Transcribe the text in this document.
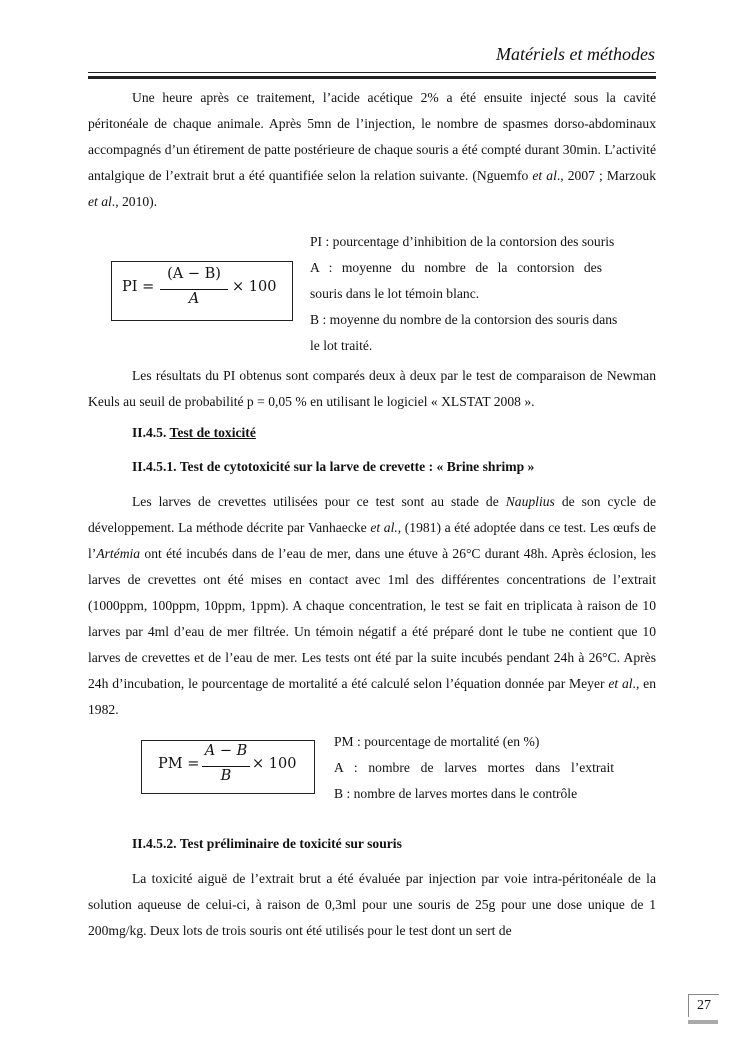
Matériels et méthodes

Une heure après ce traitement, l’acide acétique 2% a été ensuite injecté sous la cavité péritonéale de chaque animale. Après 5mn de l’injection, le nombre de spasmes dorso-abdominaux accompagnés d’un étirement de patte postérieure de chaque souris a été compté durant 30min. L’activité antalgique de l’extrait brut a été quantifiée selon la relation suivante. (Nguemfo et al., 2007 ; Marzouk et al., 2010).

PI =
(A − B)
A
× 100
PI : pourcentage d’inhibition de la contorsion des souris
A : moyenne du nombre de la contorsion des
souris dans le lot témoin blanc.
B : moyenne du nombre de la contorsion des souris dans
le lot traité.

Les résultats du PI obtenus sont comparés deux à deux par le test de comparaison de Newman Keuls au seuil de probabilité p = 0,05 % en utilisant le logiciel « XLSTAT 2008 ».

II.4.5. Test de toxicité
II.4.5.1. Test de cytotoxicité sur la larve de crevette : « Brine shrimp »

Les larves de crevettes utilisées pour ce test sont au stade de Nauplius de son cycle de développement. La méthode décrite par Vanhaecke et al., (1981) a été adoptée dans ce test. Les œufs de l’Artémia ont été incubés dans de l’eau de mer, dans une étuve à 26°C durant 48h. Après éclosion, les larves de crevettes ont été mises en contact avec 1ml des différentes concentrations de l’extrait (1000ppm, 100ppm, 10ppm, 1ppm). A chaque concentration, le test se fait en triplicata à raison de 10 larves par 4ml d’eau de mer filtrée. Un témoin négatif a été préparé dont le tube ne contient que 10 larves de crevettes et de l’eau de mer. Les tests ont été par la suite incubés pendant 24h à 26°C. Après 24h d’incubation, le pourcentage de mortalité a été calculé selon l’équation donnée par Meyer et al., en 1982.

PM =
A − B
B
× 100
PM : pourcentage de mortalité (en %)
A : nombre de larves mortes dans l’extrait
B : nombre de larves mortes dans le contrôle
II.4.5.2. Test préliminaire de toxicité sur souris

La toxicité aiguë de l’extrait brut a été évaluée par injection par voie intra-péritonéale de la solution aqueuse de celui-ci, à raison de 0,3ml pour une souris de 25g pour une dose unique de 1 200mg/kg. Deux lots de trois souris ont été utilisés pour le test dont un sert de

27
